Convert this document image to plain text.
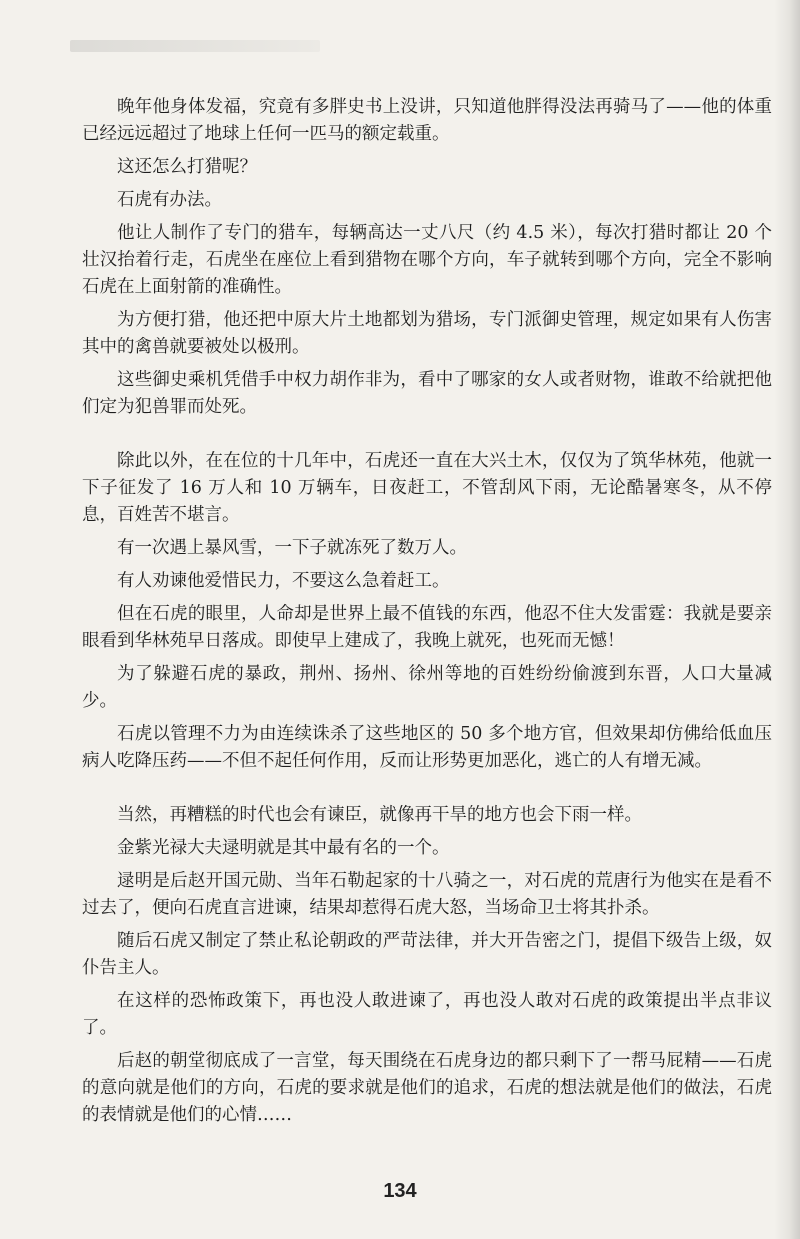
晚年他身体发福，究竟有多胖史书上没讲，只知道他胖得没法再骑马了——他的体重已经远远超过了地球上任何一匹马的额定载重。

这还怎么打猎呢？

石虎有办法。

他让人制作了专门的猎车，每辆高达一丈八尺（约 4.5 米），每次打猎时都让 20 个壮汉抬着行走，石虎坐在座位上看到猎物在哪个方向，车子就转到哪个方向，完全不影响石虎在上面射箭的准确性。

为方便打猎，他还把中原大片土地都划为猎场，专门派御史管理，规定如果有人伤害其中的禽兽就要被处以极刑。

这些御史乘机凭借手中权力胡作非为，看中了哪家的女人或者财物，谁敢不给就把他们定为犯兽罪而处死。

除此以外，在在位的十几年中，石虎还一直在大兴土木，仅仅为了筑华林苑，他就一下子征发了 16 万人和 10 万辆车，日夜赶工，不管刮风下雨，无论酷暑寒冬，从不停息，百姓苦不堪言。

有一次遇上暴风雪，一下子就冻死了数万人。

有人劝谏他爱惜民力，不要这么急着赶工。

但在石虎的眼里，人命却是世界上最不值钱的东西，他忍不住大发雷霆：我就是要亲眼看到华林苑早日落成。即使早上建成了，我晚上就死，也死而无憾！

为了躲避石虎的暴政，荆州、扬州、徐州等地的百姓纷纷偷渡到东晋，人口大量减少。

石虎以管理不力为由连续诛杀了这些地区的 50 多个地方官，但效果却仿佛给低血压病人吃降压药——不但不起任何作用，反而让形势更加恶化，逃亡的人有增无减。

当然，再糟糕的时代也会有谏臣，就像再干旱的地方也会下雨一样。

金紫光禄大夫逯明就是其中最有名的一个。

逯明是后赵开国元勋、当年石勒起家的十八骑之一，对石虎的荒唐行为他实在是看不过去了，便向石虎直言进谏，结果却惹得石虎大怒，当场命卫士将其扑杀。

随后石虎又制定了禁止私论朝政的严苛法律，并大开告密之门，提倡下级告上级，奴仆告主人。

在这样的恐怖政策下，再也没人敢进谏了，再也没人敢对石虎的政策提出半点非议了。

后赵的朝堂彻底成了一言堂，每天围绕在石虎身边的都只剩下了一帮马屁精——石虎的意向就是他们的方向，石虎的要求就是他们的追求，石虎的想法就是他们的做法，石虎的表情就是他们的心情……

134
